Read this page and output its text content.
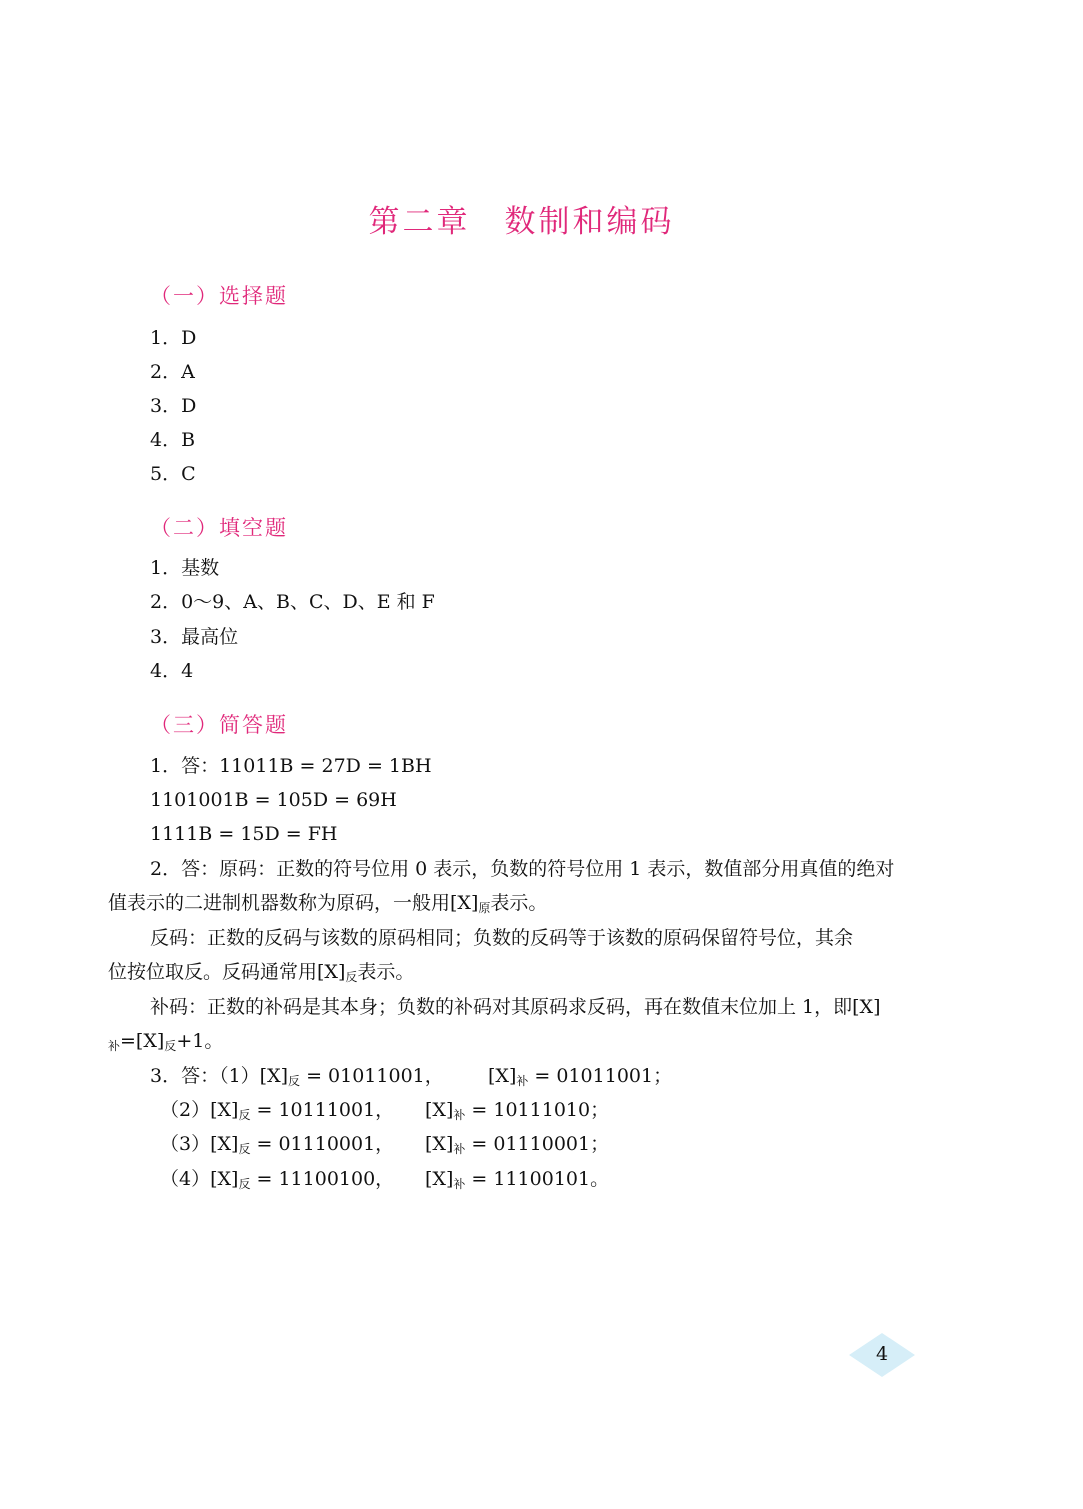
第二章　数制和编码
（一）选择题
1．D
2．A
3．D
4．B
5．C
（二）填空题
1．基数
2．0～9、A、B、C、D、E 和 F
3．最高位
4．4
（三）简答题
1．答：11011B = 27D = 1BH
1101001B = 105D = 69H
1111B = 15D = FH
2．答：原码：正数的符号位用 0 表示，负数的符号位用 1 表示，数值部分用真值的绝对
值表示的二进制机器数称为原码，一般用$[X]_原$表示。
反码：正数的反码与该数的原码相同；负数的反码等于该数的原码保留符号位，其余
位按位取反。反码通常用$[X]_反$表示。
补码：正数的补码是其本身；负数的补码对其原码求反码，再在数值末位加上 1，即[X]
$_补=[X]_反+1$。
3．答：$(1)[X]_反 = 01011001$， $[X]_补 = 01011001$；
$(2)[X]_反 = 10111001$， $[X]_补 = 10111010$；
$(3)[X]_反 = 01110001$， $[X]_补 = 01110001$；
$(4)[X]_反 = 11100100$， $[X]_补 = 11100101$。
4
